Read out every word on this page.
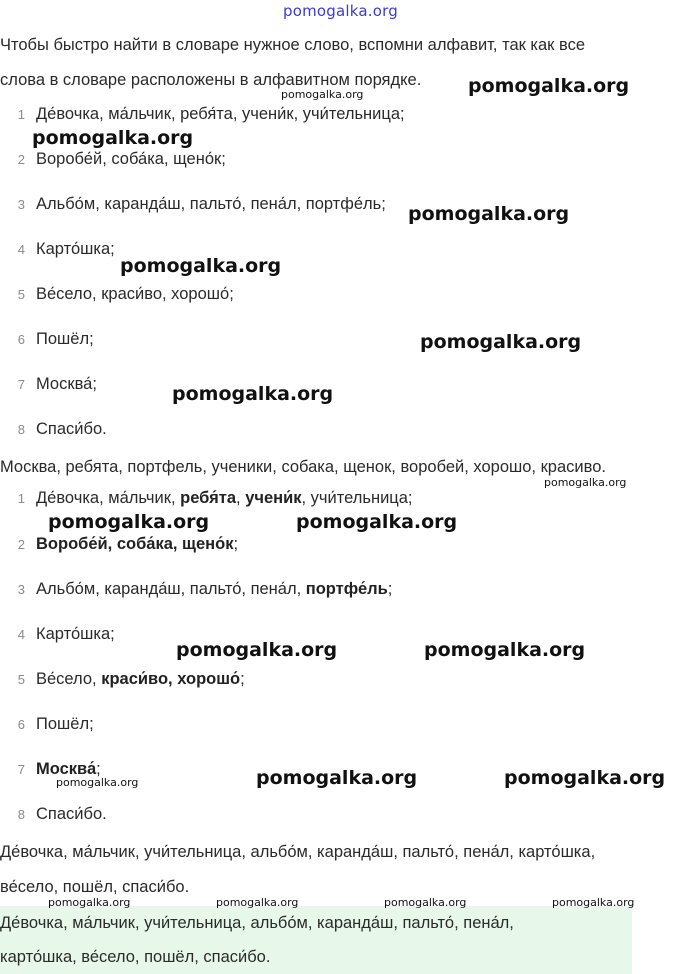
pomogalka.org
Чтобы быстро найти в словаре нужное слово, вспомни алфавит, так как все
слова в словаре расположены в алфавитном порядке.
1 Де́вочка, ма́льчик, ребя́та, учени́к, учи́тельница;
2 Воробе́й, соба́ка, щено́к;
3 Альбо́м, каранда́ш, пальто́, пена́л, портфе́ль;
4 Карто́шка;
5 Ве́село, краси́во, хорошо́;
6 Пошёл;
7 Москва́;
8 Спаси́бо.
Москва, ребята, портфель, ученики, собака, щенок, воробей, хорошо, красиво.
1 Де́вочка, ма́льчик, ребя́та, учени́к, учи́тельница;
2 Воробе́й, соба́ка, щено́к;
3 Альбо́м, каранда́ш, пальто́, пена́л, портфе́ль;
4 Карто́шка;
5 Ве́село, краси́во, хорошо́;
6 Пошёл;
7 Москва́;
8 Спаси́бо.
Де́вочка, ма́льчик, учи́тельница, альбо́м, каранда́ш, пальто́, пена́л, карто́шка,
ве́село, пошёл, спаси́бо.
Де́вочка, ма́льчик, учи́тельница, альбо́м, каранда́ш, пальто́, пена́л,
карто́шка, ве́село, пошёл, спаси́бо.
pomogalka.org
pomogalka.org
pomogalka.org
pomogalka.org
pomogalka.org
pomogalka.org
pomogalka.org
pomogalka.org
pomogalka.org	pomogalka.org
pomogalka.org	pomogalka.org
pomogalka.org	pomogalka.org	pomogalka.org
pomogalka.org	pomogalka.org	pomogalka.org	pomogalka.org
